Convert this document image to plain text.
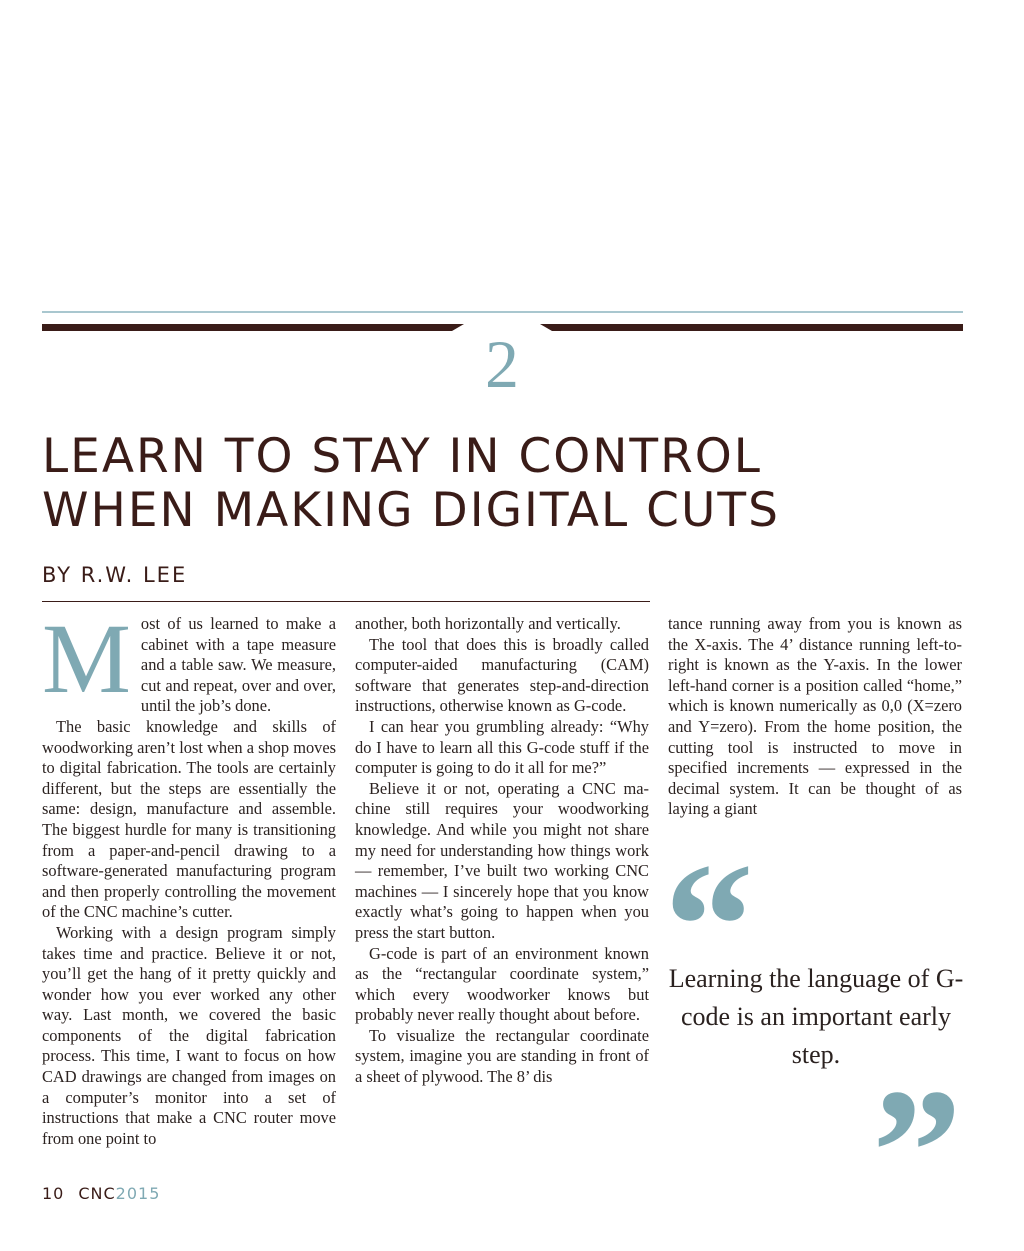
2
LEARN TO STAY IN CONTROL
WHEN MAKING DIGITAL CUTS
BY R.W. LEE

Most of us learned to make a cabinet with a tape measure and a table saw. We measure, cut and repeat, over and over, until the job’s done.

The basic knowledge and skills of woodworking aren’t lost when a shop moves to digital fabrication. The tools are certainly different, but the steps are essentially the same: design, manufacture and assemble. The biggest hurdle for many is transitioning from a paper-and-pencil drawing to a software-generated manufacturing program and then properly controlling the movement of the CNC machine’s cutter.

Working with a design program simply takes time and practice. Believe it or not, you’ll get the hang of it pretty quickly and wonder how you ever worked any other way. Last month, we covered the basic components of the digital fabrication process. This time, I want to focus on how CAD drawings are changed from images on a computer’s monitor into a set of instructions that make a CNC router move from one point to

another, both horizontally and vertically.

The tool that does this is broadly called computer-aided manufacturing (CAM) software that generates step-and-direction instructions, otherwise known as G-code.

I can hear you grumbling already: “Why do I have to learn all this G-code stuff if the computer is going to do it all for me?”

Believe it or not, operating a CNC machine still requires your woodworking knowledge. And while you might not share my need for understanding how things work — remember, I’ve built two working CNC machines — I sincerely hope that you know exactly what’s going to happen when you press the start button.

G-code is part of an environment known as the “rectangular coordinate system,” which every woodworker knows but probably never really thought about before.

To visualize the rectangular coordinate system, imagine you are standing in front of a sheet of plywood. The 8’ dis

tance running away from you is known as the X-axis. The 4’ distance running left-to-right is known as the Y-axis. In the lower left-hand corner is a position called “home,” which is known numerically as 0,0 (X=zero and Y=zero). From the home position, the cutting tool is instructed to move in specified increments — expressed in the decimal system. It can be thought of as laying a giant

“
Learning the language of G-code is an important early step. ”
10 CNC2015
